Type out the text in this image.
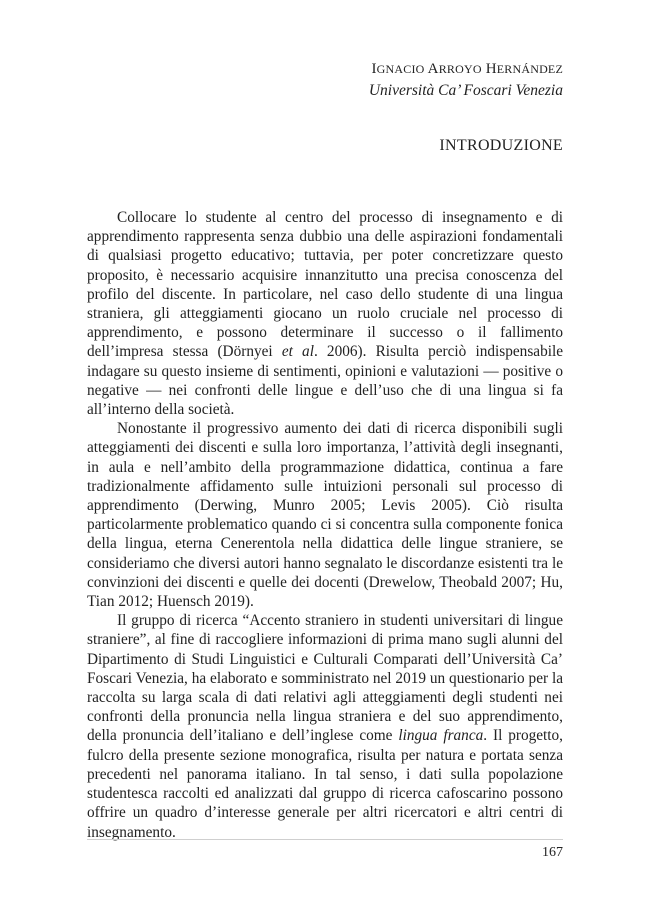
IGNACIO ARROYO HERNÁNDEZ
Università Ca’ Foscari Venezia
INTRODUZIONE

Collocare lo studente al centro del processo di insegnamento e di apprendimento rappresenta senza dubbio una delle aspirazioni fondamentali di qualsiasi progetto educativo; tuttavia, per poter concretizzare questo proposito, è necessario acquisire innanzitutto una precisa conoscenza del profilo del discente. In particolare, nel caso dello studente di una lingua straniera, gli atteggiamenti giocano un ruolo cruciale nel processo di apprendimento, e possono determinare il successo o il fallimento dell’impresa stessa (Dörnyei et al. 2006). Risulta perciò indispensabile indagare su questo insieme di sentimenti, opinioni e valutazioni — positive o negative — nei confronti delle lingue e dell’uso che di una lingua si fa all’interno della società.

Nonostante il progressivo aumento dei dati di ricerca disponibili sugli atteggiamenti dei discenti e sulla loro importanza, l’attività degli insegnanti, in aula e nell’ambito della programmazione didattica, continua a fare tradizionalmente affidamento sulle intuizioni personali sul processo di apprendimento (Derwing, Munro 2005; Levis 2005). Ciò risulta particolarmente problematico quando ci si concentra sulla componente fonica della lingua, eterna Cenerentola nella didattica delle lingue straniere, se consideriamo che diversi autori hanno segnalato le discordanze esistenti tra le convinzioni dei discenti e quelle dei docenti (Drewelow, Theobald 2007; Hu, Tian 2012; Huensch 2019).

Il gruppo di ricerca “Accento straniero in studenti universitari di lingue straniere”, al fine di raccogliere informazioni di prima mano sugli alunni del Dipartimento di Studi Linguistici e Culturali Comparati dell’Università Ca’ Foscari Venezia, ha elaborato e somministrato nel 2019 un questionario per la raccolta su larga scala di dati relativi agli atteggiamenti degli studenti nei confronti della pronuncia nella lingua straniera e del suo apprendimento, della pronuncia dell’italiano e dell’inglese come lingua franca. Il progetto, fulcro della presente sezione monografica, risulta per natura e portata senza precedenti nel panorama italiano. In tal senso, i dati sulla popolazione studentesca raccolti ed analizzati dal gruppo di ricerca cafoscarino possono offrire un quadro d’interesse generale per altri ricercatori e altri centri di insegnamento.

167
